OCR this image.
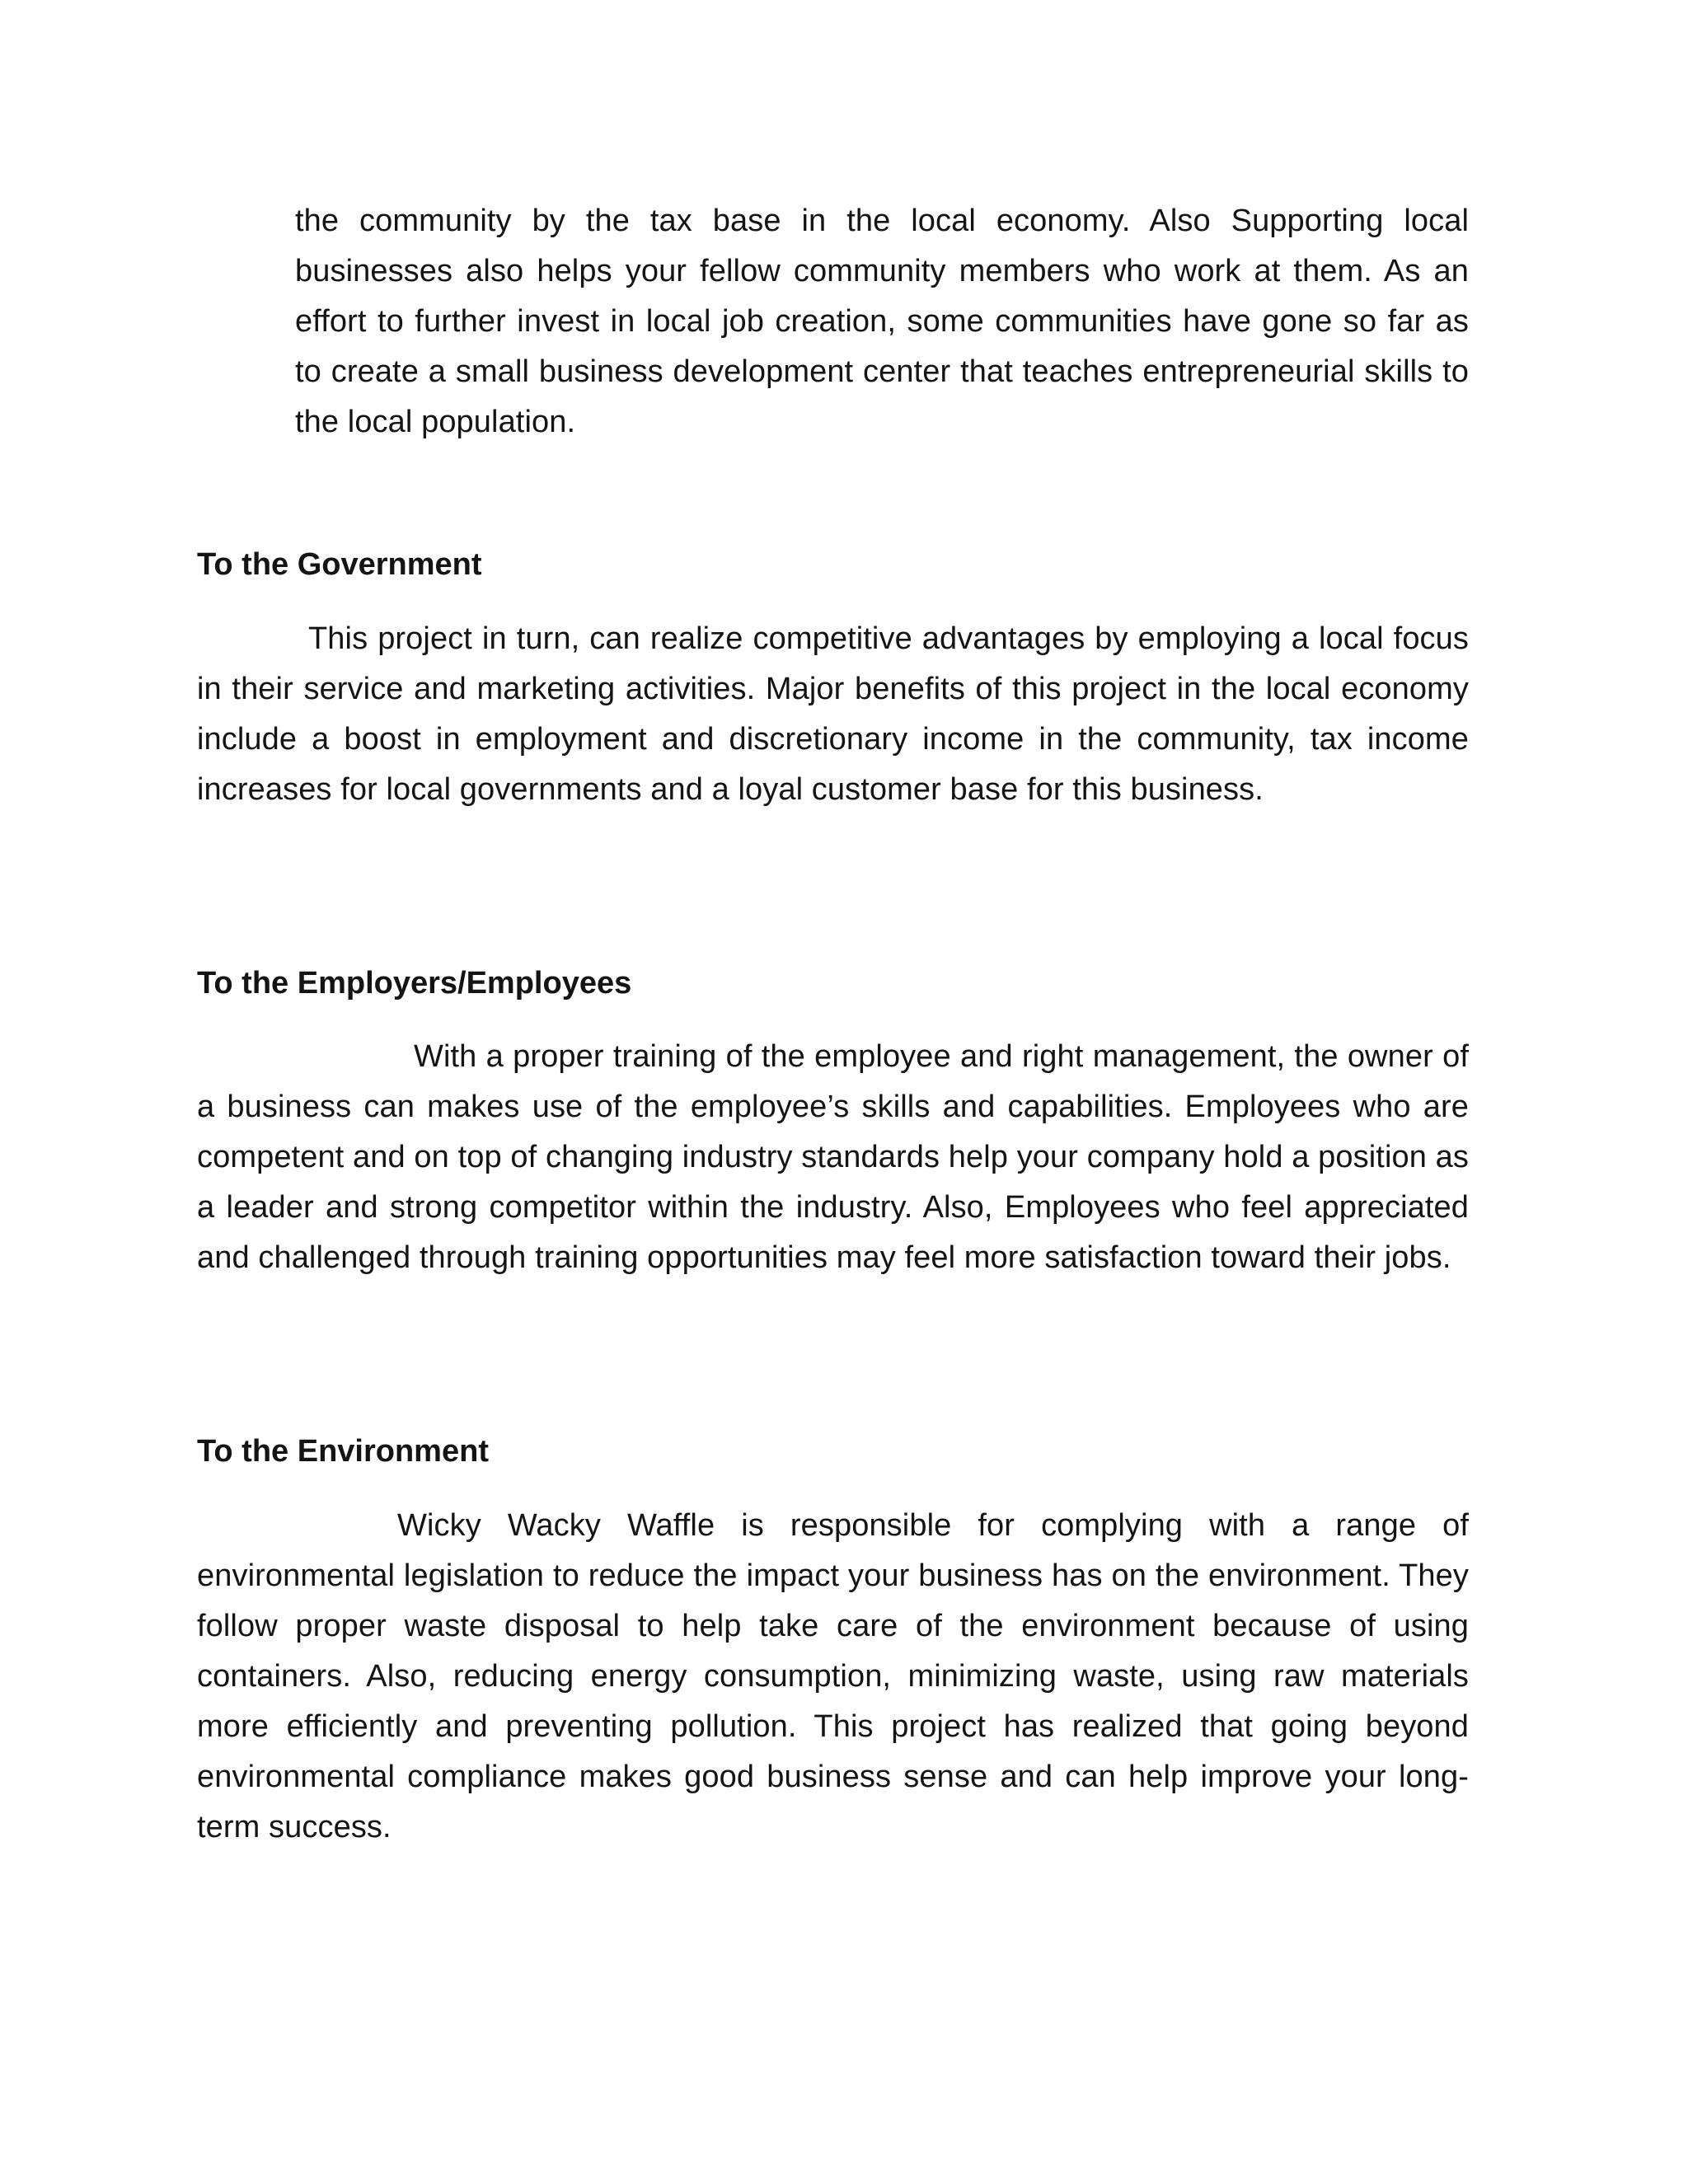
the community by the tax base in the local economy. Also Supporting local businesses also helps your fellow community members who work at them. As an effort to further invest in local job creation, some communities have gone so far as to create a small business development center that teaches entrepreneurial skills to the local population.

To the Government

This project in turn, can realize competitive advantages by employing a local focus in their service and marketing activities. Major benefits of this project in the local economy include a boost in employment and discretionary income in the community, tax income increases for local governments and a loyal customer base for this business.

To the Employers/Employees

With a proper training of the employee and right management, the owner of a business can makes use of the employee’s skills and capabilities. Employees who are competent and on top of changing industry standards help your company hold a position as a leader and strong competitor within the industry. Also, Employees who feel appreciated and challenged through training opportunities may feel more satisfaction toward their jobs.

To the Environment

Wicky Wacky Waffle is responsible for complying with a range of environmental legislation to reduce the impact your business has on the environment. They follow proper waste disposal to help take care of the environment because of using containers. Also, reducing energy consumption, minimizing waste, using raw materials more efficiently and preventing pollution. This project has realized that going beyond environmental compliance makes good business sense and can help improve your long-term success.
